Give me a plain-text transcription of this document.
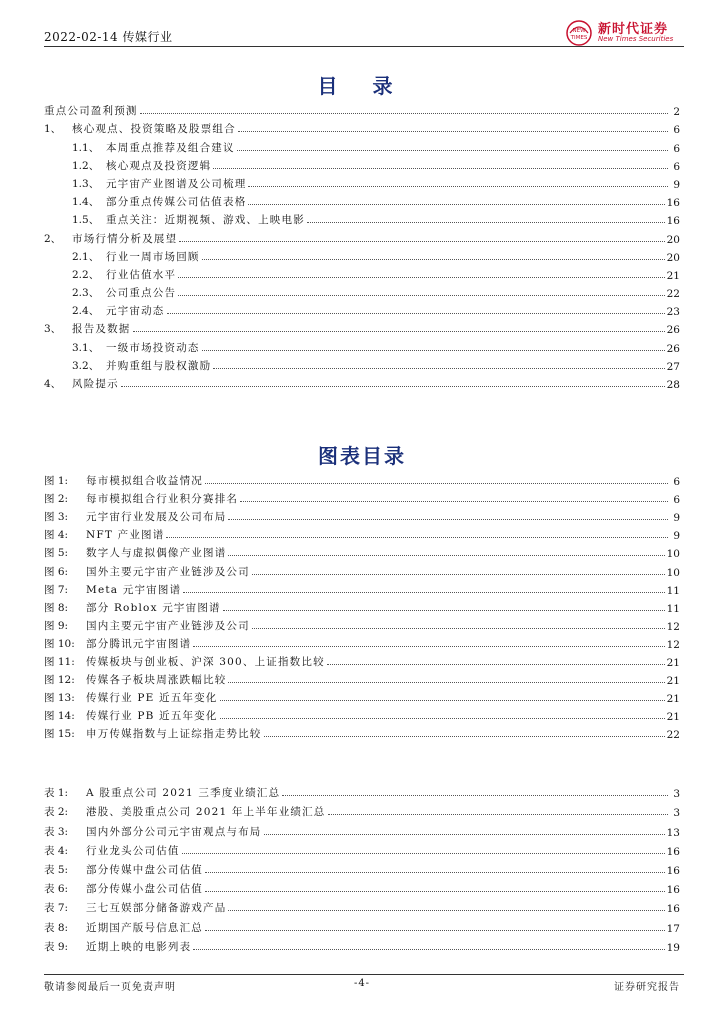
2022-02-14 传媒行业	NEW
TIMES
新时代证券
New Times Securities
目 录
重点公司盈利预测	2
1、	核心观点、投资策略及股票组合	6
1.1、 本周重点推荐及组合建议	6
1.2、 核心观点及投资逻辑	6
1.3、 元宇宙产业图谱及公司梳理	9
1.4、 部分重点传媒公司估值表格	16
1.5、 重点关注：近期视频、游戏、上映电影	16
2、	市场行情分析及展望	20
2.1、 行业一周市场回顾	20
2.2、 行业估值水平	21
2.3、 公司重点公告	22
2.4、 元宇宙动态	23
3、	报告及数据	26
3.1、 一级市场投资动态	26
3.2、 并购重组与股权激励	27
4、	风险提示	28
图表目录
图 1:	每市模拟组合收益情况	6
图 2:	每市模拟组合行业积分赛排名	6
图 3:	元宇宙行业发展及公司布局	9
图 4:	NFT 产业图谱	9
图 5:	数字人与虚拟偶像产业图谱	10
图 6:	国外主要元宇宙产业链涉及公司	10
图 7:	Meta 元宇宙图谱	11
图 8:	部分 Roblox 元宇宙图谱	11
图 9:	国内主要元宇宙产业链涉及公司	12
图 10:	部分腾讯元宇宙图谱	12
图 11:	传媒板块与创业板、沪深 300、上证指数比较	21
图 12:	传媒各子板块周涨跌幅比较	21
图 13:	传媒行业 PE 近五年变化	21
图 14:	传媒行业 PB 近五年变化	21
图 15:	申万传媒指数与上证综指走势比较	22
表 1:	A 股重点公司 2021 三季度业绩汇总	3
表 2:	港股、美股重点公司 2021 年上半年业绩汇总	3
表 3:	国内外部分公司元宇宙观点与布局	13
表 4:	行业龙头公司估值	16
表 5:	部分传媒中盘公司估值	16
表 6:	部分传媒小盘公司估值	16
表 7:	三七互娱部分储备游戏产品	16
表 8:	近期国产版号信息汇总	17
表 9:	近期上映的电影列表	19
敬请参阅最后一页免责声明	-4-	证券研究报告
